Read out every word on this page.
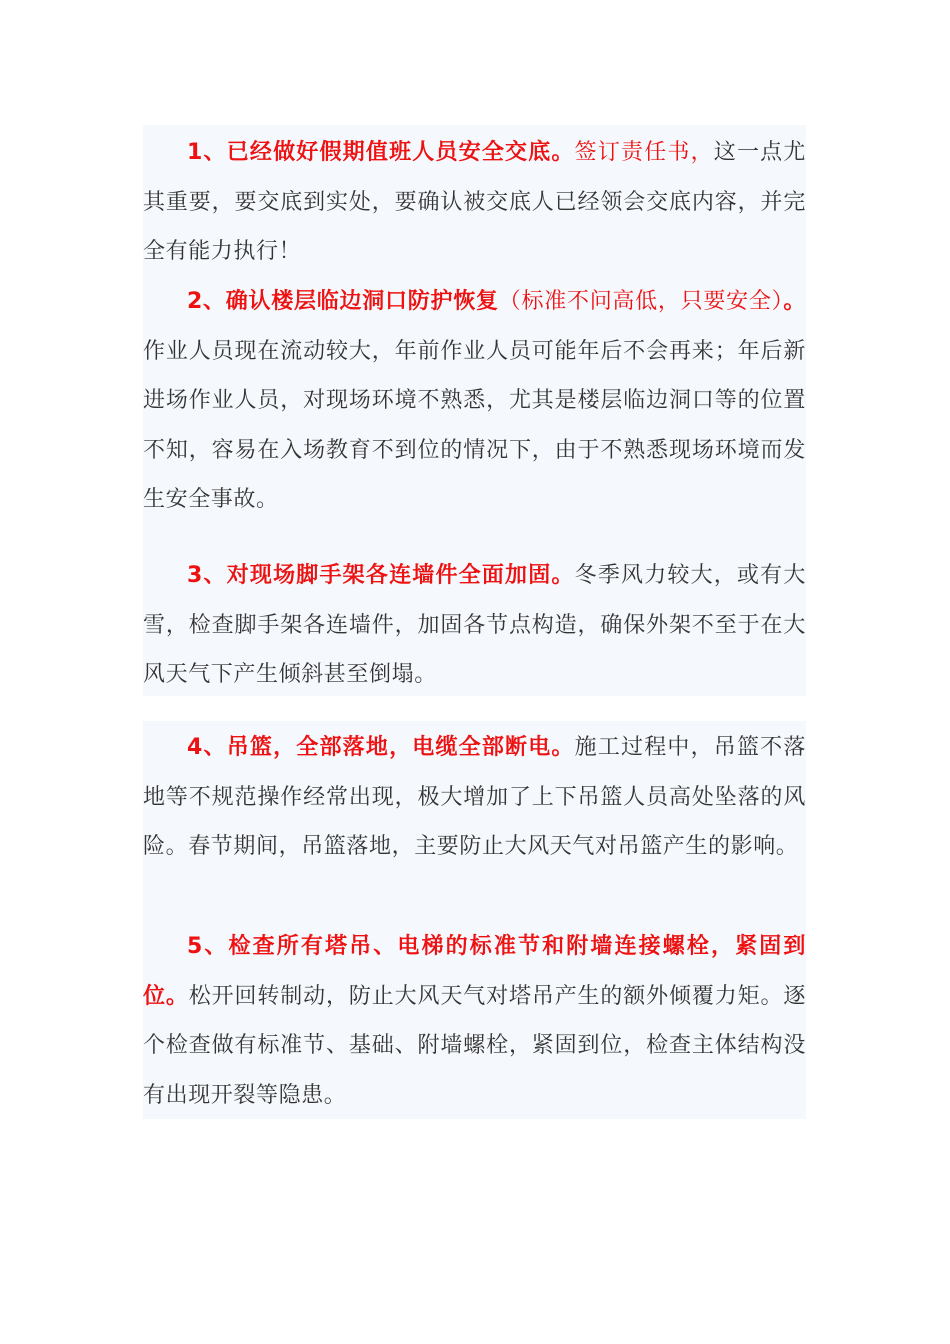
1、已经做好假期值班人员安全交底。签订责任书，这一点尤其重要，要交底到实处，要确认被交底人已经领会交底内容，并完全有能力执行！

2、确认楼层临边洞口防护恢复（标准不问高低，只要安全）。作业人员现在流动较大，年前作业人员可能年后不会再来；年后新进场作业人员，对现场环境不熟悉，尤其是楼层临边洞口等的位置不知，容易在入场教育不到位的情况下，由于不熟悉现场环境而发生安全事故。

3、对现场脚手架各连墙件全面加固。冬季风力较大，或有大雪，检查脚手架各连墙件，加固各节点构造，确保外架不至于在大风天气下产生倾斜甚至倒塌。

4、吊篮，全部落地，电缆全部断电。施工过程中，吊篮不落地等不规范操作经常出现，极大增加了上下吊篮人员高处坠落的风险。春节期间，吊篮落地，主要防止大风天气对吊篮产生的影响。

5、检查所有塔吊、电梯的标准节和附墙连接螺栓，紧固到位。松开回转制动，防止大风天气对塔吊产生的额外倾覆力矩。逐个检查做有标准节、基础、附墙螺栓，紧固到位，检查主体结构没有出现开裂等隐患。
